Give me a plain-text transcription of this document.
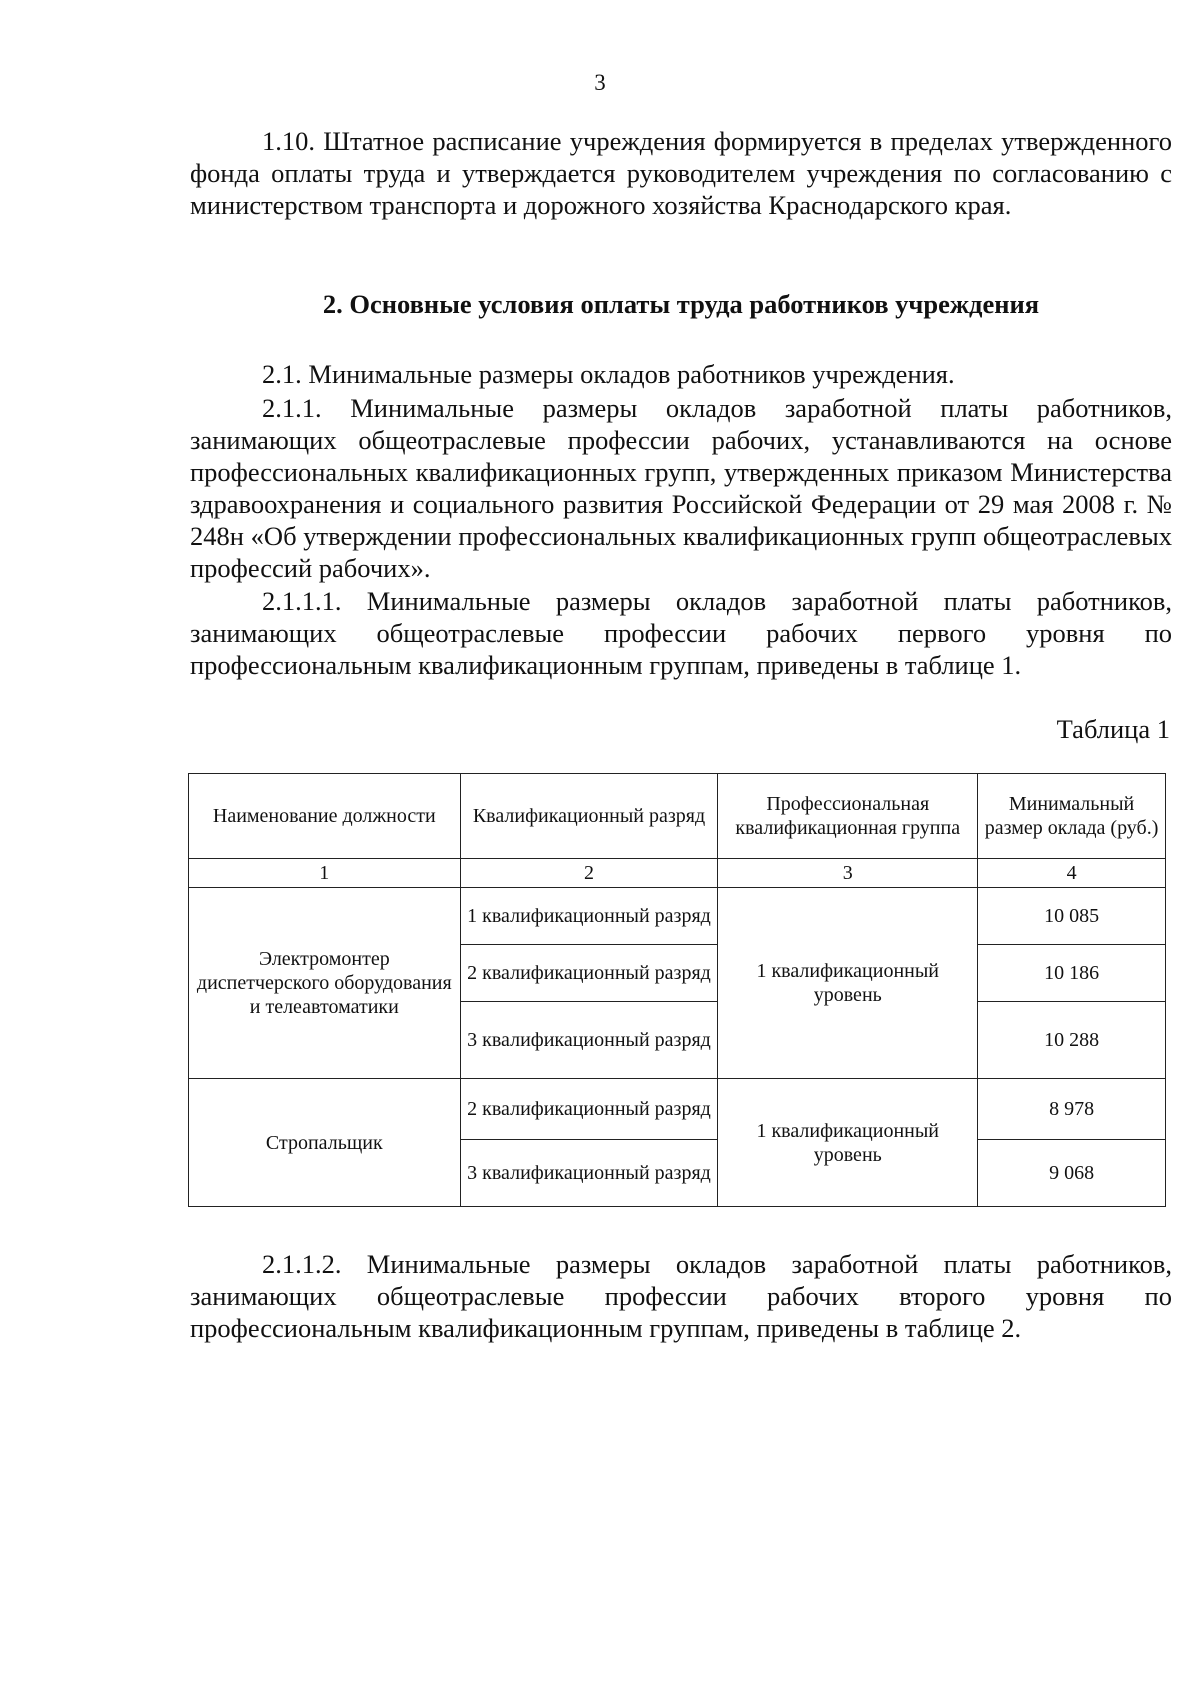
3

1.10. Штатное расписание учреждения формируется в пределах утвержденного фонда оплаты труда и утверждается руководителем учреждения по согласованию с министерством транспорта и дорожного хозяйства Краснодарского края.

2. Основные условия оплаты труда работников учреждения

2.1. Минимальные размеры окладов работников учреждения.

2.1.1. Минимальные размеры окладов заработной платы работников, занимающих общеотраслевые профессии рабочих, устанавливаются на основе профессиональных квалификационных групп, утвержденных приказом Министерства здравоохранения и социального развития Российской Федерации от 29 мая 2008 г. № 248н «Об утверждении профессиональных квалификационных групп общеотраслевых профессий рабочих».

2.1.1.1. Минимальные размеры окладов заработной платы работников, занимающих общеотраслевые профессии рабочих первого уровня по профессиональным квалификационным группам, приведены в таблице 1.

Таблица 1
Наименование должности	Квалификационный разряд	Профессиональная квалификационная группа	Минимальный размер оклада (руб.)
1	2	3	4
Электромонтер диспетчерского оборудования и телеавтоматики	1 квалификационный разряд	1 квалификационный уровень	10 085
	2 квалификационный разряд		10 186
	3 квалификационный разряд		10 288
Стропальщик	2 квалификационный разряд	1 квалификационный уровень	8 978
	3 квалификационный разряд		9 068

2.1.1.2. Минимальные размеры окладов заработной платы работников, занимающих общеотраслевые профессии рабочих второго уровня по профессиональным квалификационным группам, приведены в таблице 2.
